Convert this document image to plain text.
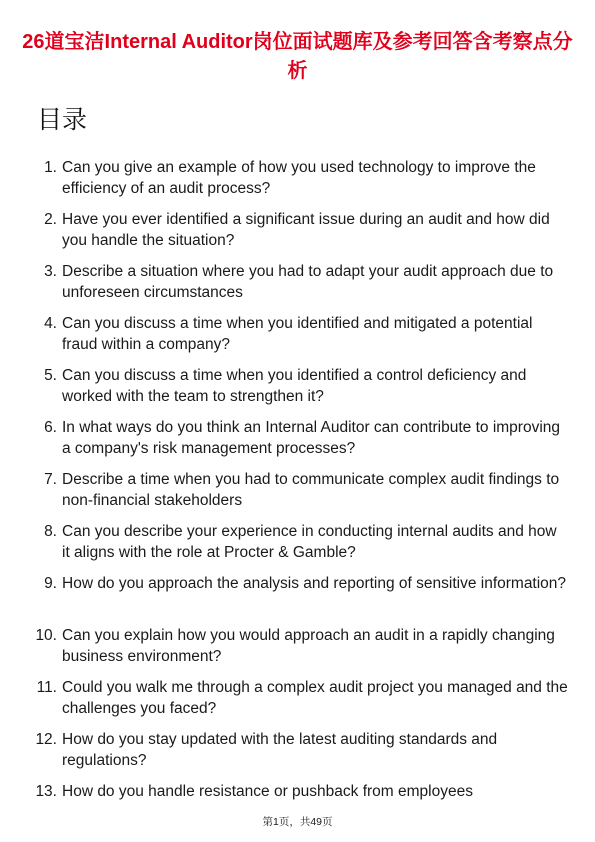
26道宝洁Internal Auditor岗位面试题库及参考回答含考察点分析
目录
1. Can you give an example of how you used technology to improve the efficiency of an audit process?
2. Have you ever identified a significant issue during an audit and how did you handle the situation?
3. Describe a situation where you had to adapt your audit approach due to unforeseen circumstances
4. Can you discuss a time when you identified and mitigated a potential fraud within a company?
5. Can you discuss a time when you identified a control deficiency and worked with the team to strengthen it?
6. In what ways do you think an Internal Auditor can contribute to improving a company's risk management processes?
7. Describe a time when you had to communicate complex audit findings to non-financial stakeholders
8. Can you describe your experience in conducting internal audits and how it aligns with the role at Procter & Gamble?
9. How do you approach the analysis and reporting of sensitive information?
10. Can you explain how you would approach an audit in a rapidly changing business environment?
11. Could you walk me through a complex audit project you managed and the challenges you faced?
12. How do you stay updated with the latest auditing standards and regulations?
13. How do you handle resistance or pushback from employees
第1页，共49页
